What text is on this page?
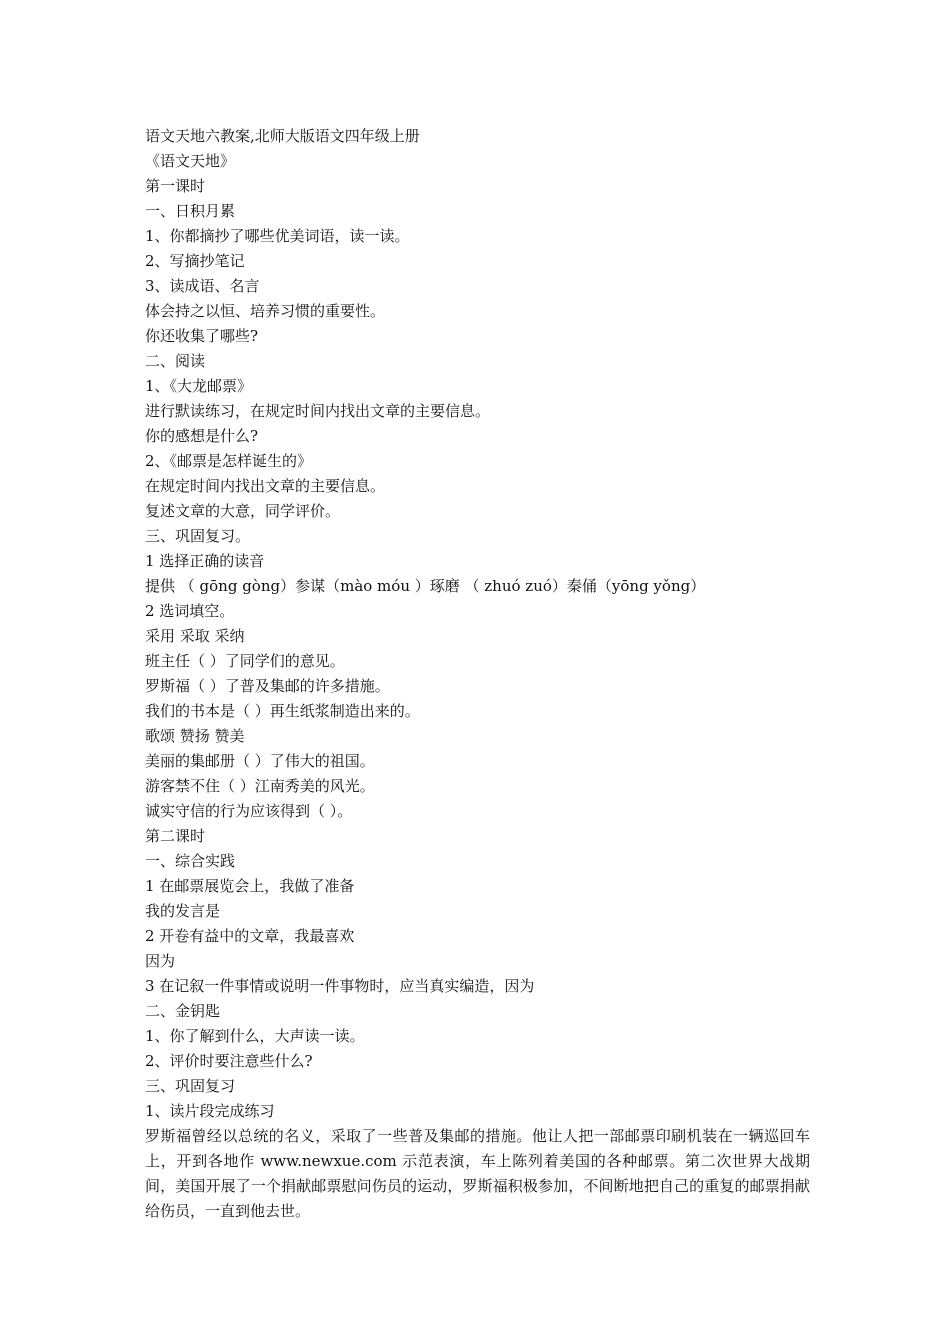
语文天地六教案,北师大版语文四年级上册
《语文天地》
第一课时
一、日积月累
1、你都摘抄了哪些优美词语，读一读。
2、写摘抄笔记
3、读成语、名言
体会持之以恒、培养习惯的重要性。
你还收集了哪些?
二、阅读
1、《大龙邮票》
进行默读练习，在规定时间内找出文章的主要信息。
你的感想是什么?
2、《邮票是怎样诞生的》
在规定时间内找出文章的主要信息。
复述文章的大意，同学评价。
三、巩固复习。
1 选择正确的读音
提供 （ gōng gòng）参谋（mào móu ）琢磨 （ zhuó zuó）秦俑（yōng yǒng）
2 选词填空。
采用 采取 采纳
班主任（ ）了同学们的意见。
罗斯福（ ）了普及集邮的许多措施。
我们的书本是（ ）再生纸浆制造出来的。
歌颂 赞扬 赞美
美丽的集邮册（ ）了伟大的祖国。
游客禁不住（ ）江南秀美的风光。
诚实守信的行为应该得到（ ）。
第二课时
一、综合实践
1 在邮票展览会上，我做了准备
我的发言是
2 开卷有益中的文章，我最喜欢
因为
3 在记叙一件事情或说明一件事物时，应当真实编造，因为
二、金钥匙
1、你了解到什么，大声读一读。
2、评价时要注意些什么?
三、巩固复习
1、读片段完成练习
罗斯福曾经以总统的名义，采取了一些普及集邮的措施。他让人把一部邮票印刷机装在一辆巡回车上，开到各地作 www.newxue.com 示范表演，车上陈列着美国的各种邮票。第二次世界大战期间，美国开展了一个捐献邮票慰问伤员的运动，罗斯福积极参加，不间断地把自己的重复的邮票捐献给伤员，一直到他去世。
